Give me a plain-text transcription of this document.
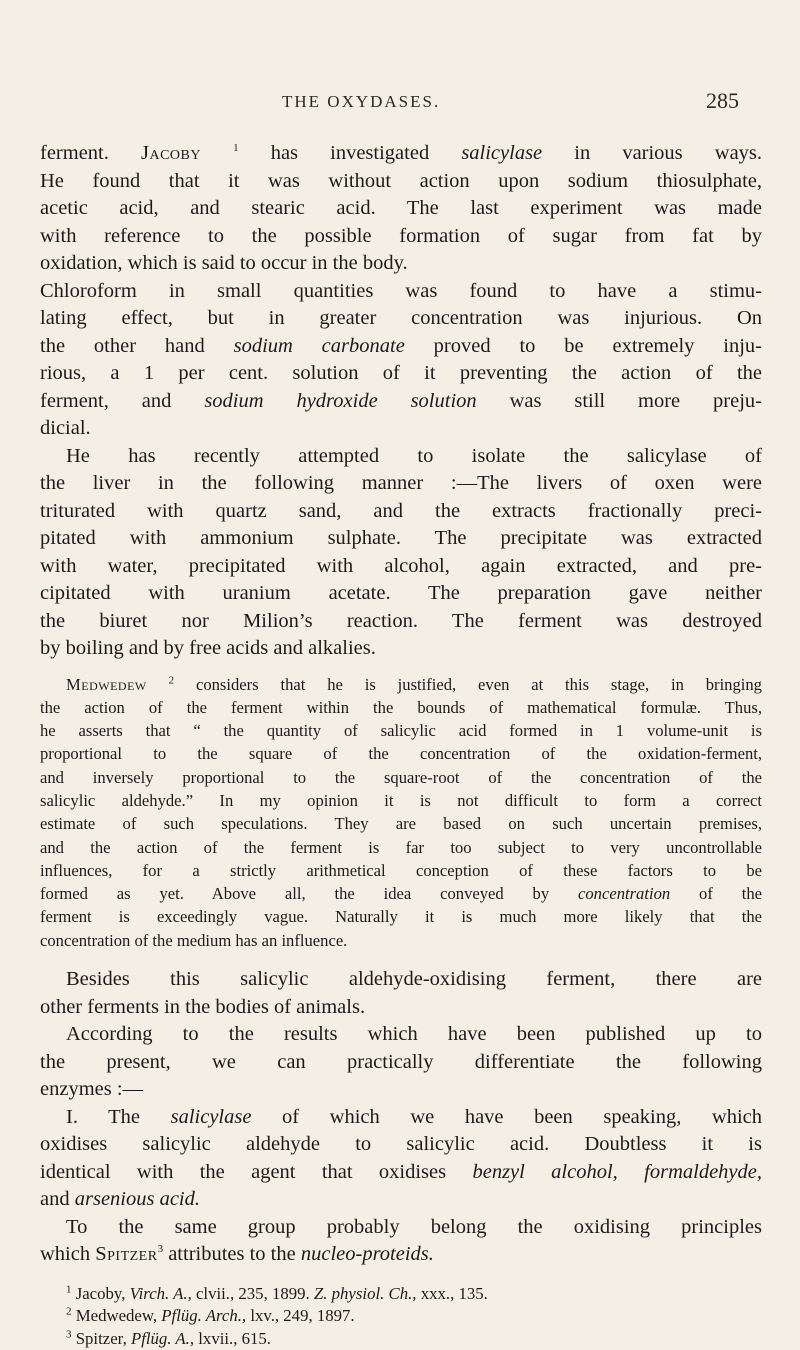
THE OXYDASES.	285
ferment. Jacoby	$^1$ has investigated salicylase in various ways.
He found that it was without action upon sodium thiosulphate,
acetic acid, and stearic acid. The last experiment was made
with reference to the possible formation of sugar from fat by
oxidation, which is said to occur in the body.
Chloroform in small quantities was found to have a stimu-
lating effect, but in greater concentration was injurious. On
the other hand sodium carbonate proved to be extremely inju-
rious, a 1 per cent. solution of it preventing the action of the
ferment, and sodium hydroxide solution was still more preju-
dicial.
He has recently attempted to isolate the salicylase of
the liver in the following manner :—The livers of oxen were
triturated with quartz sand, and the extracts fractionally preci-
pitated with ammonium sulphate. The precipitate was extracted
with water, precipitated with alcohol, again extracted, and pre-
cipitated with uranium acetate. The preparation gave neither
the biuret nor Milion’s reaction. The ferment was destroyed
by boiling and by free acids and alkalies.
Medwedew $^2$ considers that he is justified, even at this stage, in bringing
the action of the ferment within the bounds of mathematical formulæ. Thus,
he asserts that “ the quantity of salicylic acid formed in 1 volume-unit is
proportional to the square of the concentration of the oxidation-ferment,
and inversely proportional to the square-root of the concentration of the
salicylic aldehyde.” In my opinion it is not difficult to form a correct
estimate of such speculations. They are based on such uncertain premises,
and the action of the ferment is far too subject to very uncontrollable
influences, for a strictly arithmetical conception of these factors to be
formed as yet. Above all, the idea conveyed by concentration of the
ferment is exceedingly vague. Naturally it is much more likely that the
concentration of the medium has an influence.
Besides this salicylic aldehyde-oxidising ferment, there are
other ferments in the bodies of animals.
According to the results which have been published up to
the present, we can practically differentiate the following
enzymes :—
I. The salicylase of which we have been speaking, which
oxidises salicylic aldehyde to salicylic acid. Doubtless it is
identical with the agent that oxidises benzyl alcohol, formaldehyde,
and arsenious acid.
To the same group probably belong the oxidising principles
which Spitzer$^3$ attributes to the nucleo-proteids.
$^1$ Jacoby, Virch. A., clvii., 235, 1899. Z. physiol. Ch., xxx., 135.
$^2$ Medwedew, Pflüg. Arch., lxv., 249, 1897.
$^3$ Spitzer, Pflüg. A., lxvii., 615.
